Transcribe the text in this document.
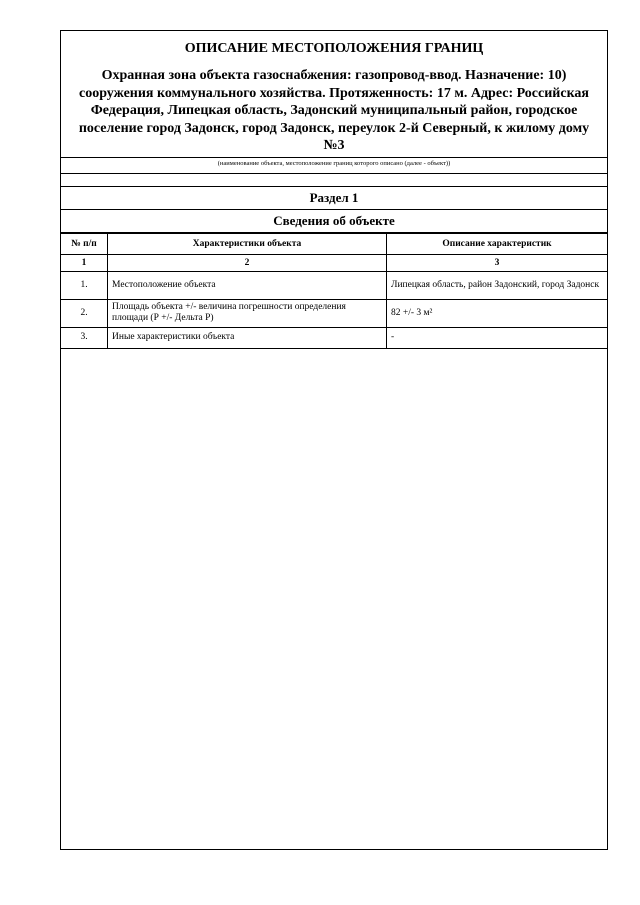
ОПИСАНИЕ МЕСТОПОЛОЖЕНИЯ ГРАНИЦ
Охранная зона объекта газоснабжения: газопровод-ввод. Назначение: 10) сооружения коммунального хозяйства. Протяженность: 17 м. Адрес: Российская Федерация, Липецкая область, Задонский муниципальный район, городское поселение город Задонск, город Задонск, переулок 2-й Северный, к жилому дому №3
(наименование объекта, местоположение границ которого описано (далее - объект))
Раздел 1
Сведения об объекте
№ п/п	Характеристики объекта	Описание характеристик
1	2	3
1.	Местоположение объекта	Липецкая область, район Задонский, город Задонск
2.	Площадь объекта +/- величина погрешности определения площади (Р +/- Дельта Р)	82 +/- 3 м²
3.	Иные характеристики объекта	-
